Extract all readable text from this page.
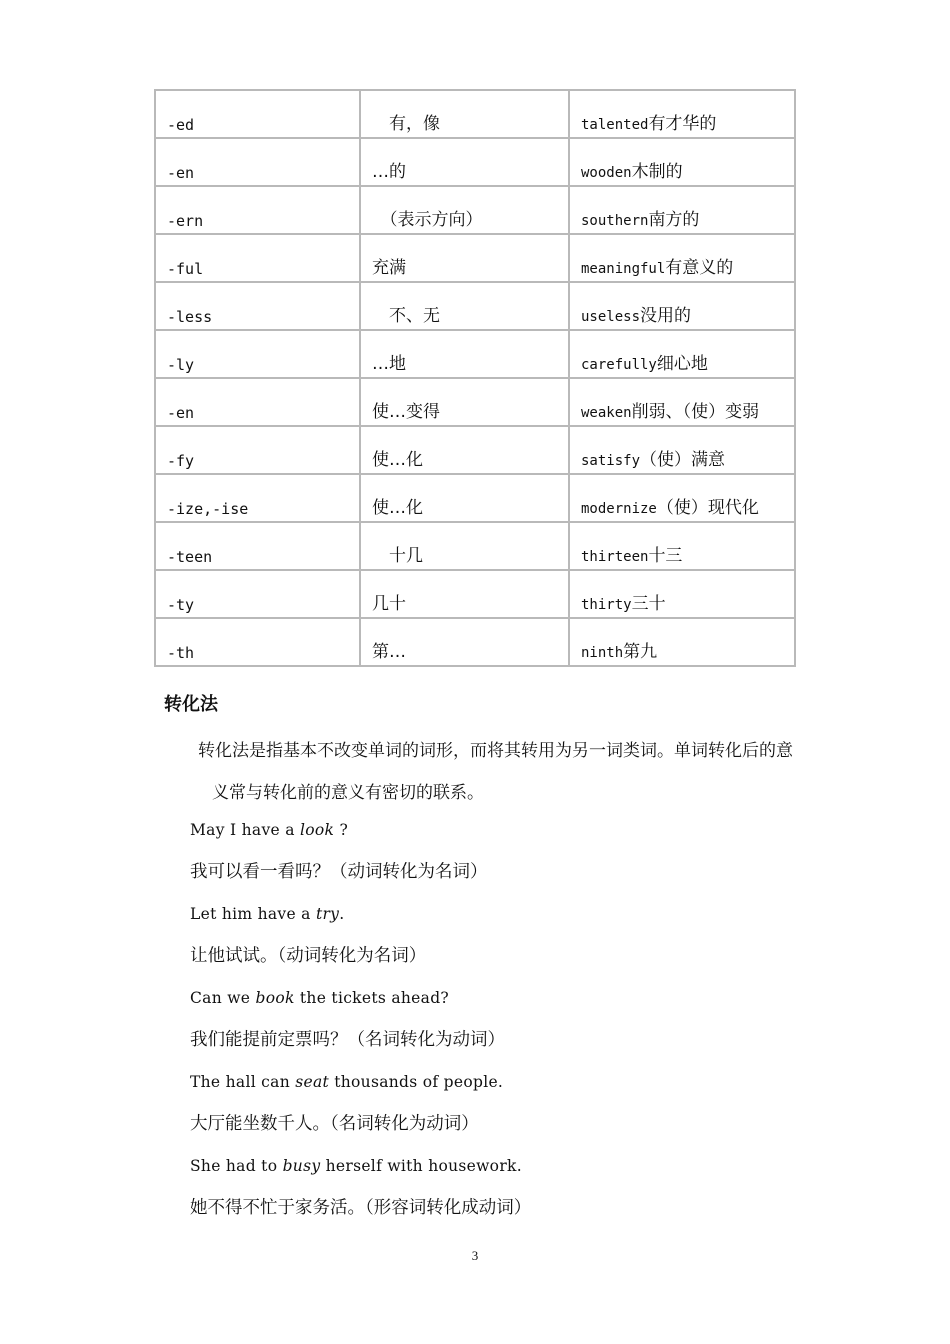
-ed	　有，像	talented有才华的
-en	…的	wooden木制的
-ern	　（表示方向）	southern南方的
-ful	充满	meaningful有意义的
-less	　不、无	useless没用的
-ly	…地	carefully细心地
-en	使…变得	weaken削弱、（使）变弱
-fy	使…化	satisfy（使）满意
-ize,-ise	使…化	modernize（使）现代化
-teen	　十几	thirteen十三
-ty	几十	thirty三十
-th	第…	ninth第九
转化法
转化法是指基本不改变单词的词形，而将其转用为另一词类词。单词转化后的意
义常与转化前的意义有密切的联系。
May I have a look ?
我可以看一看吗？（动词转化为名词）
Let him have a try.
让他试试。（动词转化为名词）
Can we book the tickets ahead?
我们能提前定票吗？（名词转化为动词）
The hall can seat thousands of people.
大厅能坐数千人。（名词转化为动词）
She had to busy herself with housework.
她不得不忙于家务活。（形容词转化成动词）
3
